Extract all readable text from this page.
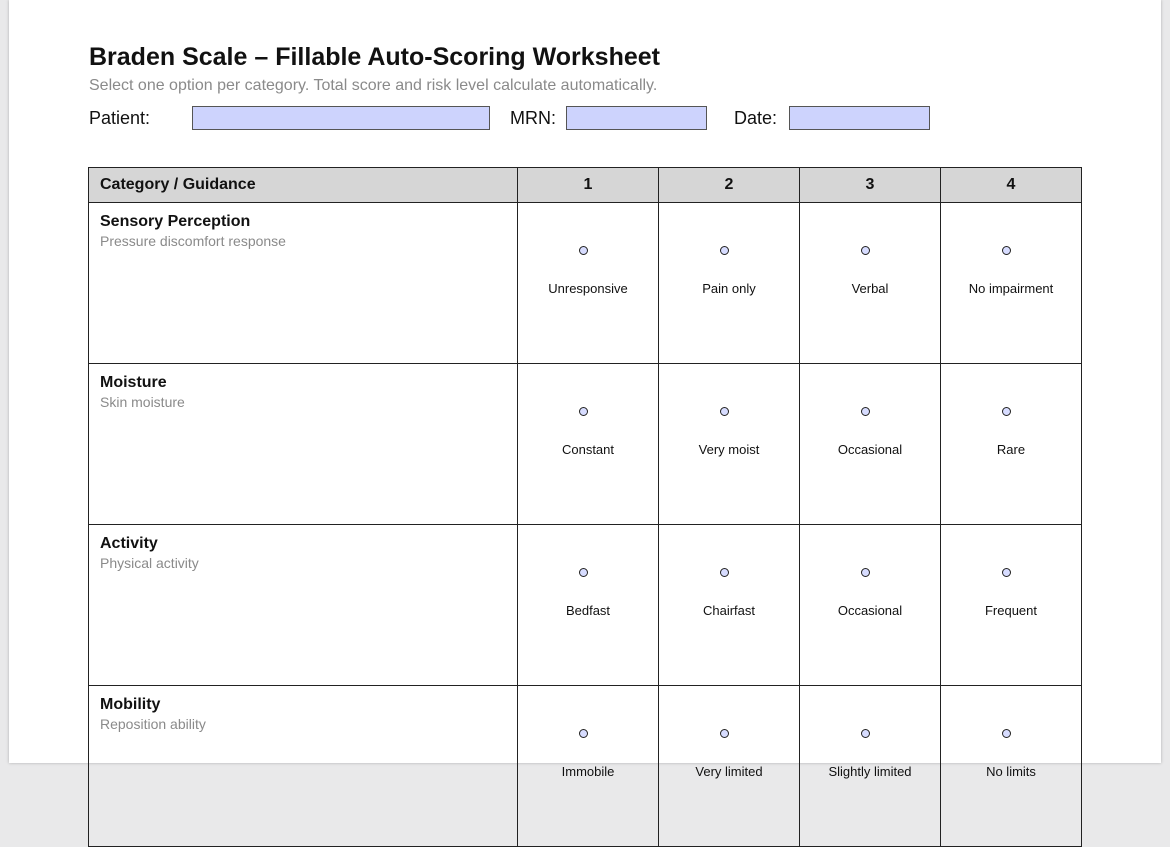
Braden Scale – Fillable Auto-Scoring Worksheet
Select one option per category. Total score and risk level calculate automatically.
Patient:	MRN:	Date:
Category / Guidance	1	2	3	4

Sensory Perception
Pressure discomfort response	Unresponsive	Pain only	Verbal	No impairment

Moisture
Skin moisture	Constant	Very moist	Occasional	Rare

Activity
Physical activity	Bedfast	Chairfast	Occasional	Frequent

Mobility
Reposition ability	Immobile	Very limited	Slightly limited	No limits
